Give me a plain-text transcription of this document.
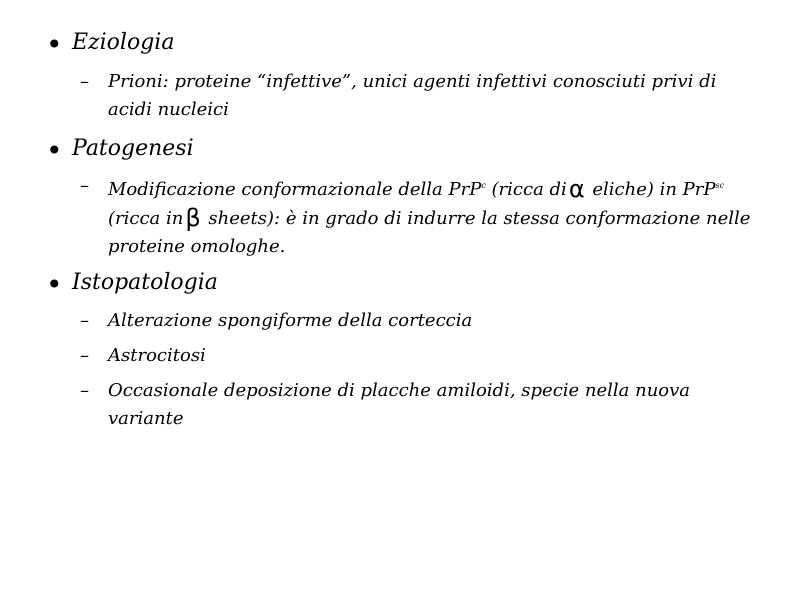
• Eziologia
– Prioni: proteine “infettive”, unici agenti infettivi conosciuti privi di
acidi nucleici
• Patogenesi
– Modificazione conformazionale della PrP$^c$ (ricca diα eliche) in PrP$^{sc}$
(ricca inβ sheets): è in grado di indurre la stessa conformazione nelle
proteine omologhe.
• Istopatologia
– Alterazione spongiforme della corteccia
– Astrocitosi
– Occasionale deposizione di placche amiloidi, specie nella nuova
variante
